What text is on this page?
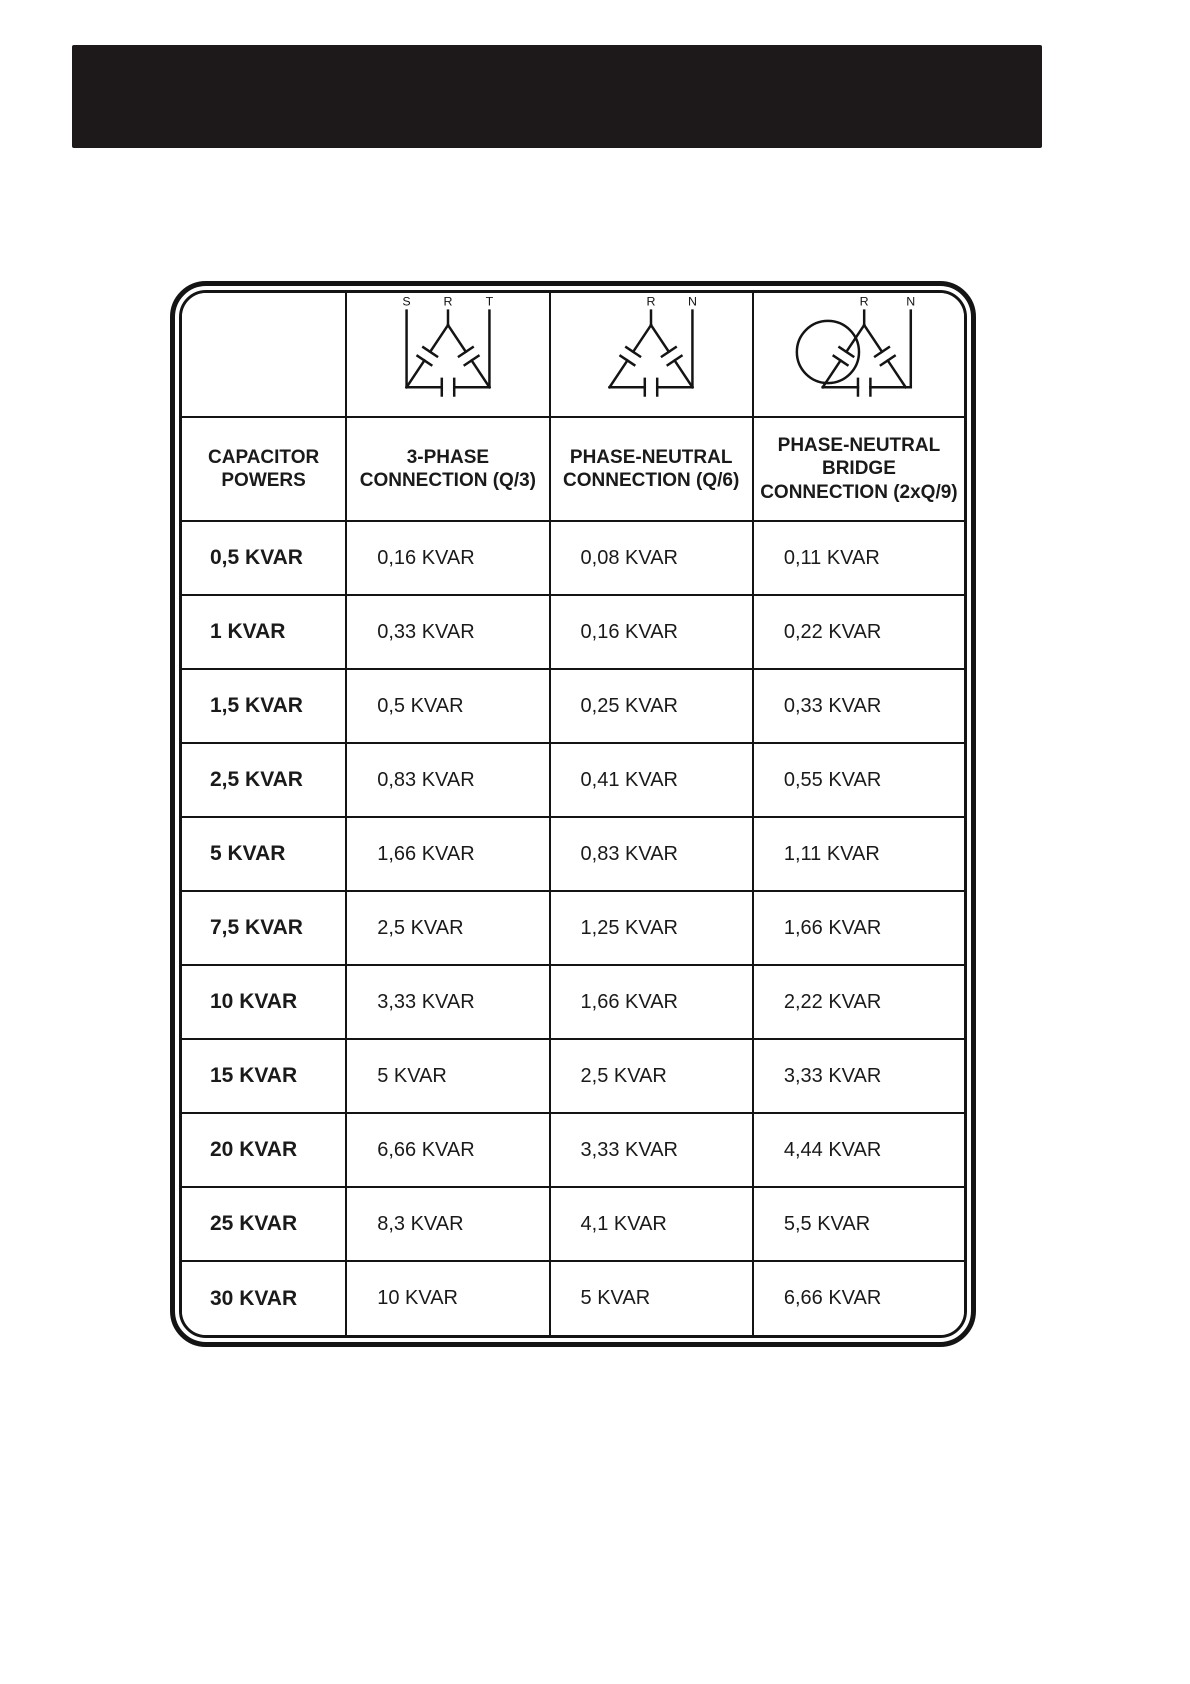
S R T	R N	R N

CAPACITOR POWERS	3-PHASE CONNECTION (Q/3)	PHASE-NEUTRAL CONNECTION (Q/6)	PHASE-NEUTRAL BRIDGE CONNECTION (2xQ/9)
0,5 KVAR	0,16 KVAR	0,08 KVAR	0,11 KVAR
1 KVAR	0,33 KVAR	0,16 KVAR	0,22 KVAR
1,5 KVAR	0,5 KVAR	0,25 KVAR	0,33 KVAR
2,5 KVAR	0,83 KVAR	0,41 KVAR	0,55 KVAR
5 KVAR	1,66 KVAR	0,83 KVAR	1,11 KVAR
7,5 KVAR	2,5 KVAR	1,25 KVAR	1,66 KVAR
10 KVAR	3,33 KVAR	1,66 KVAR	2,22 KVAR
15 KVAR	5 KVAR	2,5 KVAR	3,33 KVAR
20 KVAR	6,66 KVAR	3,33 KVAR	4,44 KVAR
25 KVAR	8,3 KVAR	4,1 KVAR	5,5 KVAR
30 KVAR	10 KVAR	5 KVAR	6,66 KVAR
